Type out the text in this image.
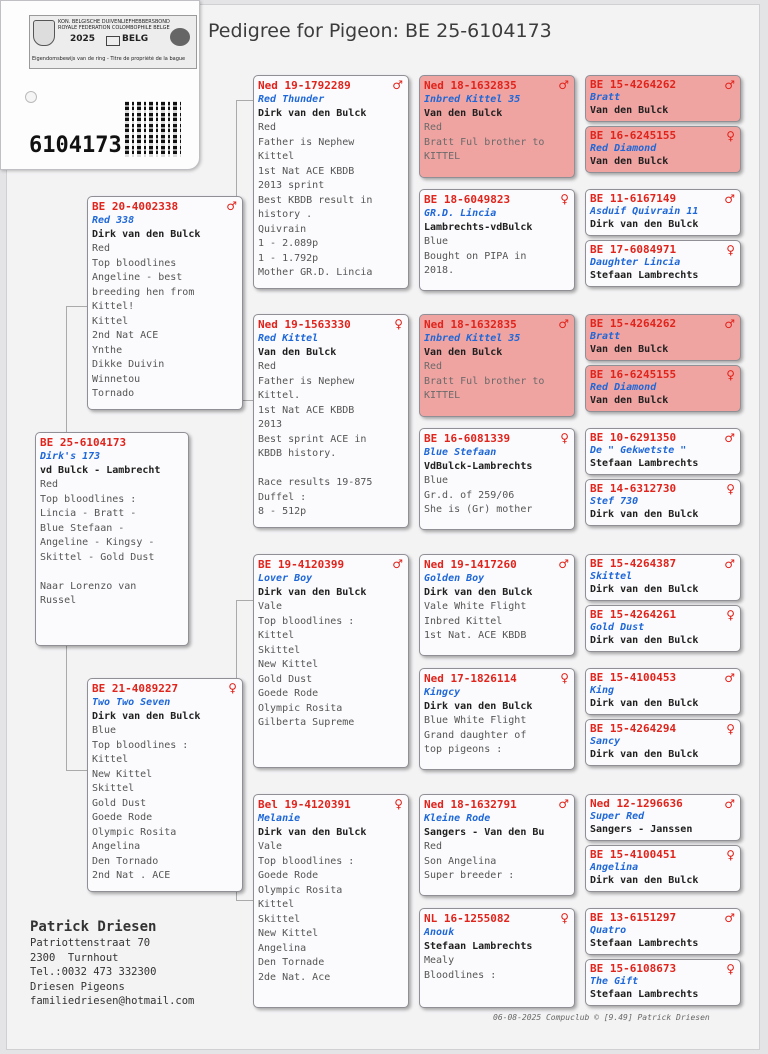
Pedigree for Pigeon: BE 25-6104173
KON. BELGISCHE DUIVENLIEFHEBBERSBOND
ROYALE FEDERATION COLOMBOPHILE BELGE
2025	BELG
Eigendomsbewijs van de ring - Titre de propriété de la bague
6104173
BE 25-6104173
Dirk's 173
vd Bulck - Lambrecht
Red
Top bloodlines :
Lincia - Bratt -
Blue Stefaan -
Angeline - Kingsy -
Skittel - Gold Dust

Naar Lorenzo van
Russel
BE 20-4002338	♂
Red 338
Dirk van den Bulck
Red
Top bloodlines
Angeline - best
breeding hen from
Kittel!
Kittel
2nd Nat ACE
Ynthe
Dikke Duivin
Winnetou
Tornado
BE 21-4089227	♀
Two Two Seven
Dirk van den Bulck
Blue
Top bloodlines :
Kittel
New Kittel
Skittel
Gold Dust
Goede Rode
Olympic Rosita
Angelina
Den Tornado
2nd Nat . ACE
Ned 19-1792289	♂
Red Thunder
Dirk van den Bulck
Red
Father is Nephew
Kittel
1st Nat ACE KBDB
2013 sprint
Best KBDB result in
history .
Quivrain
1 - 2.089p
1 - 1.792p
Mother GR.D. Lincia
Ned 19-1563330	♀
Red Kittel
Van den Bulck
Red
Father is Nephew
Kittel.
1st Nat ACE KBDB
2013
Best sprint ACE in
KBDB history.

Race results 19-875
Duffel :
8 - 512p
BE 19-4120399	♂
Lover Boy
Dirk van den Bulck
Vale
Top bloodlines :
Kittel
Skittel
New Kittel
Gold Dust
Goede Rode
Olympic Rosita
Gilberta Supreme
Bel 19-4120391	♀
Melanie
Dirk van den Bulck
Vale
Top bloodlines :
Goede Rode
Olympic Rosita
Kittel
Skittel
New Kittel
Angelina
Den Tornade
2de Nat. Ace
Ned 18-1632835	♂
Inbred Kittel 35
Van den Bulck
Red
Bratt Ful brother to
KITTEL
BE 18-6049823	♀
GR.D. Lincia
Lambrechts-vdBulck
Blue
Bought on PIPA in
2018.
Ned 18-1632835	♂
Inbred Kittel 35
Van den Bulck
Red
Bratt Ful brother to
KITTEL
BE 16-6081339	♀
Blue Stefaan
VdBulck-Lambrechts
Blue
Gr.d. of 259/06
She is (Gr) mother
Ned 19-1417260	♂
Golden Boy
Dirk van den Bulck
Vale White Flight
Inbred Kittel
1st Nat. ACE KBDB
Ned 17-1826114	♀
Kingcy
Dirk van den Bulck
Blue White Flight
Grand daughter of
top pigeons :
Ned 18-1632791	♂
Kleine Rode
Sangers - Van den Bu
Red
Son Angelina
Super breeder :
NL 16-1255082	♀
Anouk
Stefaan Lambrechts
Mealy
Bloodlines :
BE 15-4264262	♂
Bratt
Van den Bulck
BE 16-6245155	♀
Red Diamond
Van den Bulck
BE 11-6167149	♂
Asduif Quivrain 11
Dirk van den Bulck
BE 17-6084971	♀
Daughter Lincia
Stefaan Lambrechts
BE 15-4264262	♂
Bratt
Van den Bulck
BE 16-6245155	♀
Red Diamond
Van den Bulck
BE 10-6291350	♂
De " Gekwetste "
Stefaan Lambrechts
BE 14-6312730	♀
Stef 730
Dirk van den Bulck
BE 15-4264387	♂
Skittel
Dirk van den Bulck
BE 15-4264261	♀
Gold Dust
Dirk van den Bulck
BE 15-4100453	♂
King
Dirk van den Bulck
BE 15-4264294	♀
Sancy
Dirk van den Bulck
Ned 12-1296636	♂
Super Red
Sangers - Janssen
BE 15-4100451	♀
Angelina
Dirk van den Bulck
BE 13-6151297	♂
Quatro
Stefaan Lambrechts
BE 15-6108673	♀
The Gift
Stefaan Lambrechts
Patrick Driesen
Patriottenstraat 70
2300  Turnhout
Tel.:0032 473 332300
Driesen Pigeons
familiedriesen@hotmail.com
06-08-2025 Compuclub © [9.49] Patrick Driesen
